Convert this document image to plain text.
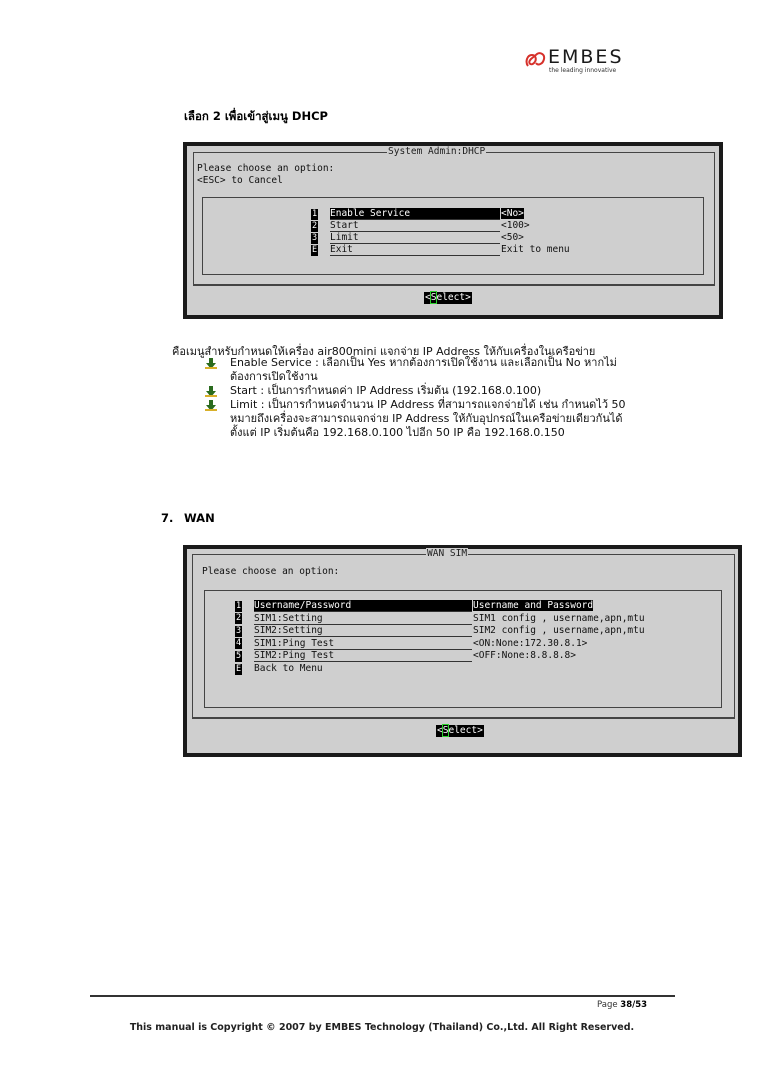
EMBES
the leading innovative
เลือก 2 เพื่อเข้าสู่เมนู DHCP
System Admin:DHCP
Please choose an option:
<ESC> to Cancel
1 Enable Service	<No>
2 Start	<100>
3 Limit	<50>
E Exit	Exit to menu
<Select>
คือเมนูสำหรับกำหนดให้เครื่อง air800mini แจกจ่าย IP Address ให้กับเครื่องในเครือข่าย
Enable Service : เลือกเป็น Yes หากต้องการเปิดใช้งาน และเลือกเป็น No หากไม่
ต้องการเปิดใช้งาน
Start : เป็นการกำหนดค่า IP Address เริ่มต้น (192.168.0.100)
Limit : เป็นการกำหนดจำนวน IP Address ที่สามารถแจกจ่ายได้ เช่น กำหนดไว้ 50
หมายถึงเครื่องจะสามารถแจกจ่าย IP Address ให้กับอุปกรณ์ในเครือข่ายเดียวกันได้
ตั้งแต่ IP เริ่มต้นคือ 192.168.0.100 ไปอีก 50 IP คือ 192.168.0.150
7. WAN
WAN SIM
Please choose an option:
1 Username/Password	Username and Password
2 SIM1:Setting	SIM1 config , username,apn,mtu
3 SIM2:Setting	SIM2 config , username,apn,mtu
4 SIM1:Ping Test	<ON:None:172.30.8.1>
5 SIM2:Ping Test	<OFF:None:8.8.8.8>
E Back to Menu
<Select>
Page 38/53
This manual is Copyright © 2007 by EMBES Technology (Thailand) Co.,Ltd. All Right Reserved.
